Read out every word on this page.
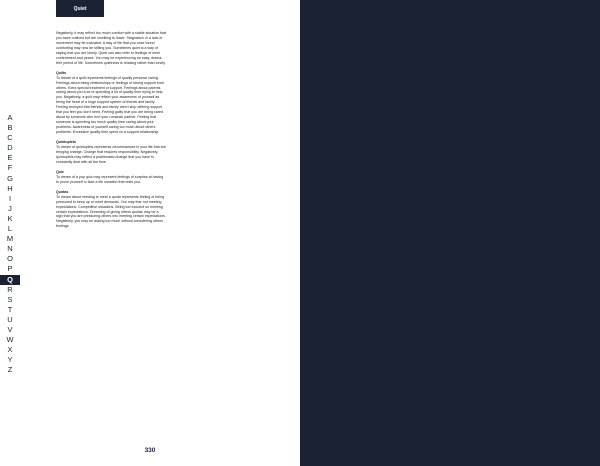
Quiet
A
B
C
D
E
F
G
H
I
J
K
L
M
N
O
P
Q
R
S
T
U
V
W
X
Y
Z

Negatively, it may reflect too much comfort with a stable situation that you have outlived but are unwilling to leave. Stagnation or a lack of movement may be indicated. A way of life that you once found comforting may now be stifling you. Sometimes quiet is a way of saying that you are lonely. Quiet can also refer to feelings of inner contentment and peace. You may be experiencing an easy, drama-free period of life. Sometimes quietness is relaxing rather than lonely.

Quilts

To dream of a quilt represents feelings of quality personal caring. Feelings about being relationships or feelings of strong support from others. Extra special treatment or support. Feelings about parents caring about you a lot or spending a lot of quality time trying to help you. Negatively, a quilt may reflect your awareness of yourself as being the heart of a huge support system of friends and family. Feeling annoyed that friends and family aren't stop offering support that you feel you don't need. Feeling guilty that you are being cared about by someone who isn't your romantic partner. Feeling that someone is spending too much quality time caring about your problems. Awareness of yourself caring too much about others problems. Excessive quality time spent on a support relationship.

Quintuplets

To dream of quintuplets represents circumstances in your life that are bringing change. Change that requires responsibility. Negatively, quintuplets may reflect a problematic change that you have to constantly deal with all the time.

Quiz

To dream of a pop quiz may represent feelings of surprise at having to prove yourself or face a life situation that tests you.

Quotas

To dream about needing to meet a quota represents feeling of being pressured to keep up or meet demands. You may fear not meeting expectations. Competitive situations. Being too focused on meeting certain expectations. Dreaming of giving others quotas may be a sign that you are pressuring others into meeting certain expectations. Negatively, you may be asking too much without considering others feelings.

330
